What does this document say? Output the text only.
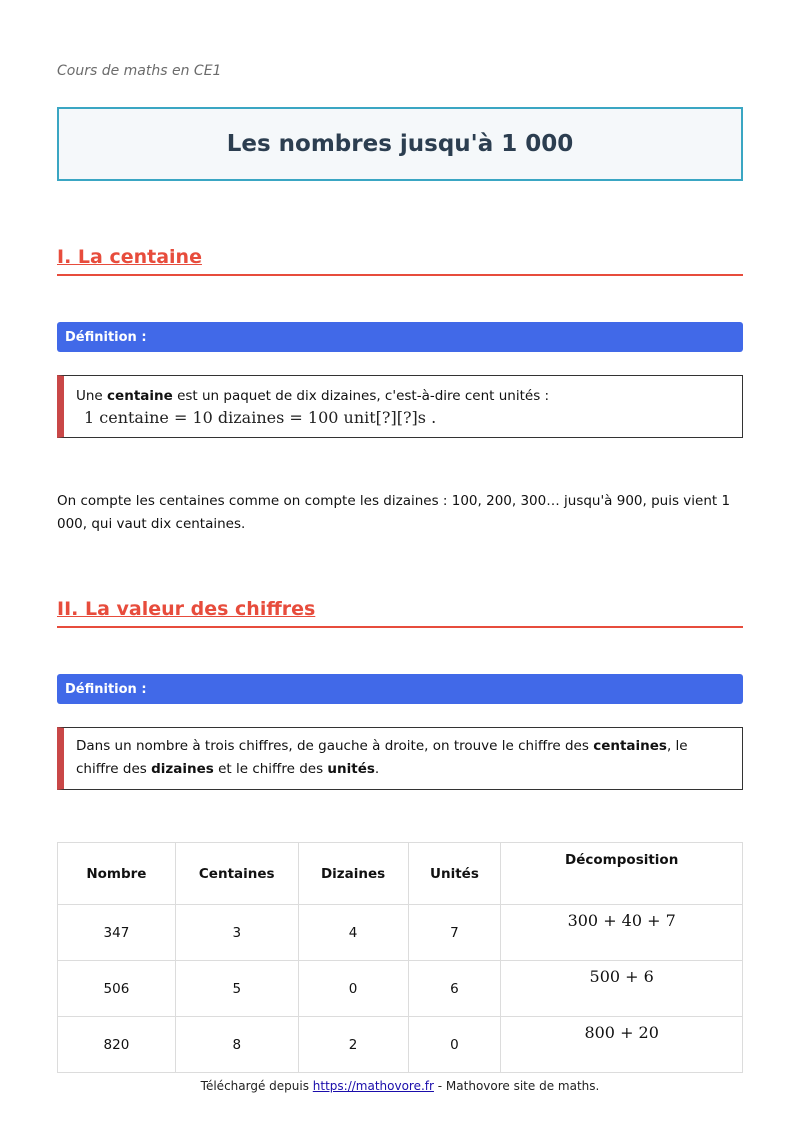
Cours de maths en CE1
Les nombres jusqu'à 1 000
I. La centaine
Définition :
Une centaine est un paquet de dix dizaines, c'est-à-dire cent unités :
1 centaine = 10 dizaines = 100 unit[?][?]s .
On compte les centaines comme on compte les dizaines : 100, 200, 300… jusqu'à 900, puis vient 1 000, qui vaut dix centaines.
II. La valeur des chiffres
Définition :
Dans un nombre à trois chiffres, de gauche à droite, on trouve le chiffre des centaines, le chiffre des dizaines et le chiffre des unités.
Nombre	Centaines	Dizaines	Unités	Décomposition
347	3	4	7	300 + 40 + 7
506	5	0	6	500 + 6
820	8	2	0	800 + 20
Téléchargé depuis https://mathovore.fr - Mathovore site de maths.
